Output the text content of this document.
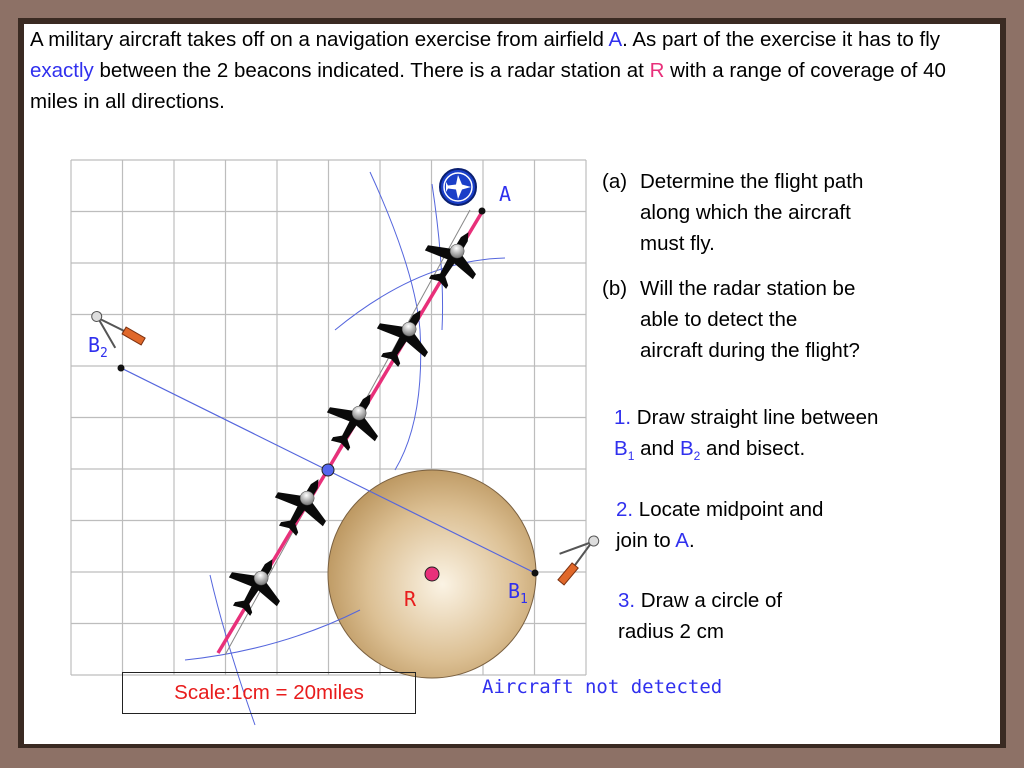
A
$B_2$
$B_1$
R
A military aircraft takes off on a navigation exercise from airfield A. As part of the exercise it has to fly exactly between the 2 beacons indicated. There is a radar station at R with a range of coverage of 40 miles in all directions.
(a) Determine the flight path
along which the aircraft
must fly.
(b) Will the radar station be
able to detect the
aircraft during the flight?
1. Draw straight line between
$B_1$ and $B_2$ and bisect.
2. Locate midpoint and
join to A.
3. Draw a circle of
radius 2 cm
Scale:1cm = 20miles	Aircraft not detected
